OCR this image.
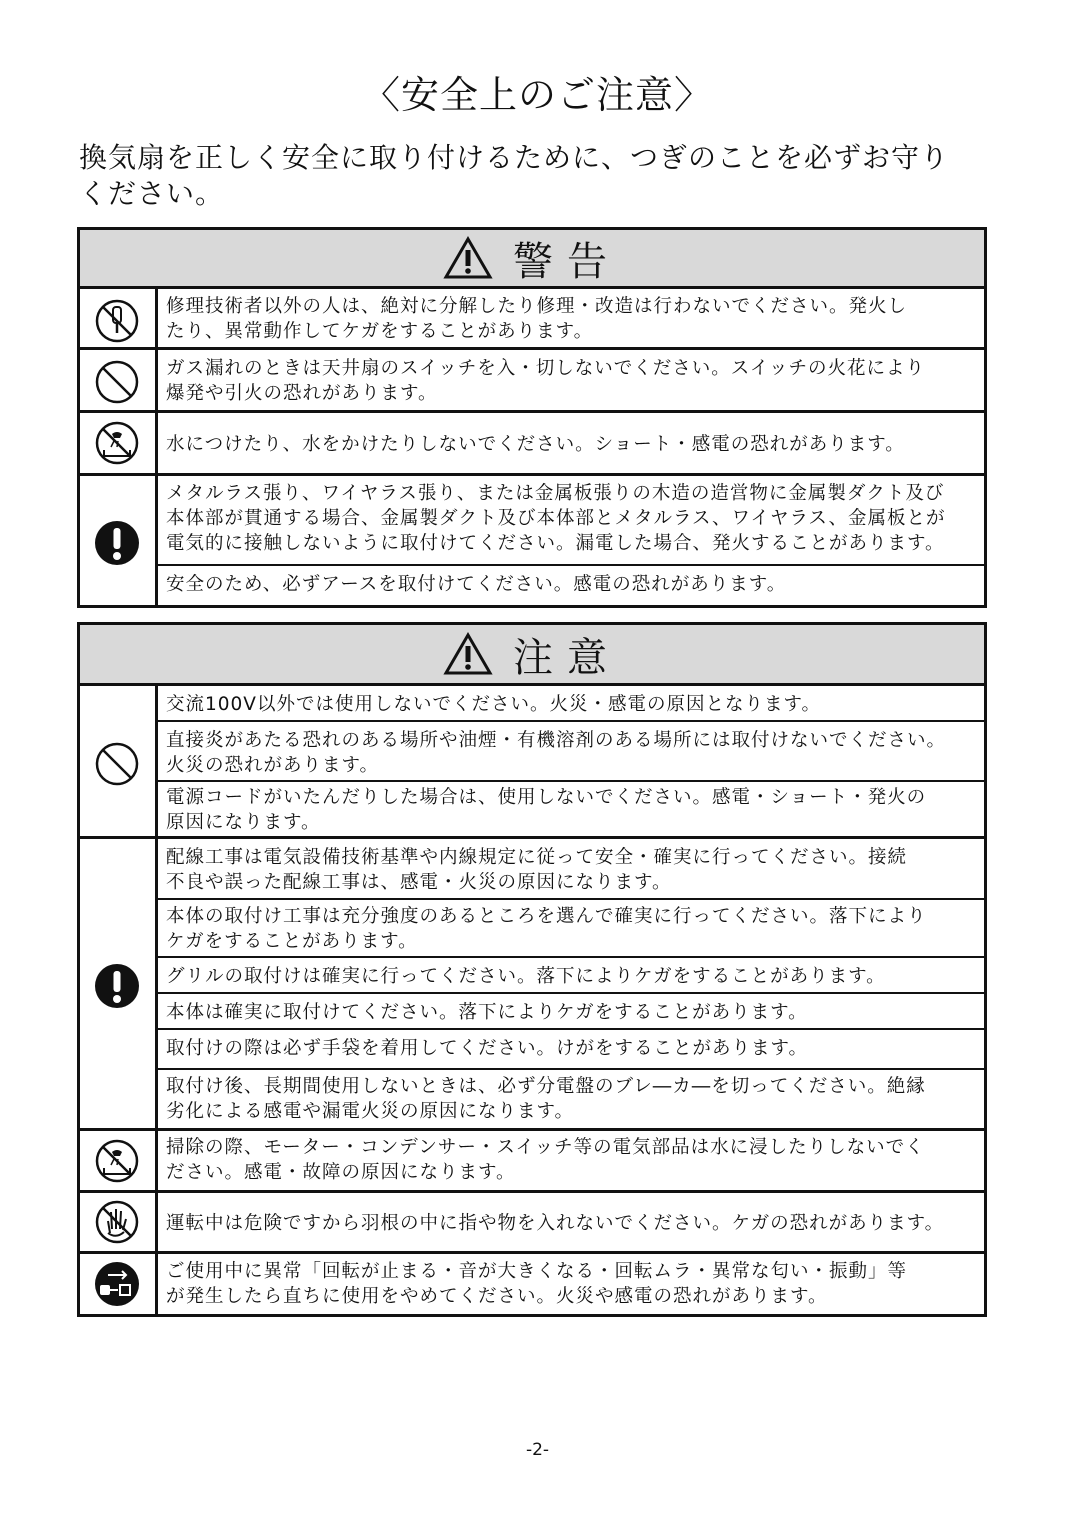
〈安全上のご注意〉
換気扇を正しく安全に取り付けるために、つぎのことを必ずお守り
ください。
警告
修理技術者以外の人は、絶対に分解したり修理・改造は行わないでください。発火し
たり、異常動作してケガをすることがあります。
ガス漏れのときは天井扇のスイッチを入・切しないでください。スイッチの火花により
爆発や引火の恐れがあります。
水につけたり、水をかけたりしないでください。ショート・感電の恐れがあります。
メタルラス張り、ワイヤラス張り、または金属板張りの木造の造営物に金属製ダクト及び
本体部が貫通する場合、金属製ダクト及び本体部とメタルラス、ワイヤラス、金属板とが
電気的に接触しないように取付けてください。漏電した場合、発火することがあります。
安全のため、必ずアースを取付けてください。感電の恐れがあります。
注意
交流100V以外では使用しないでください。火災・感電の原因となります。
直接炎があたる恐れのある場所や油煙・有機溶剤のある場所には取付けないでください。
火災の恐れがあります。
電源コードがいたんだりした場合は、使用しないでください。感電・ショート・発火の
原因になります。
配線工事は電気設備技術基準や内線規定に従って安全・確実に行ってください。接続
不良や誤った配線工事は、感電・火災の原因になります。
本体の取付け工事は充分強度のあるところを選んで確実に行ってください。落下により
ケガをすることがあります。
グリルの取付けは確実に行ってください。落下によりケガをすることがあります。
本体は確実に取付けてください。落下によりケガをすることがあります。
取付けの際は必ず手袋を着用してください。けがをすることがあります。
取付け後、長期間使用しないときは、必ず分電盤のブレ―カ―を切ってください。絶縁
劣化による感電や漏電火災の原因になります。
掃除の際、モーター・コンデンサー・スイッチ等の電気部品は水に浸したりしないでく
ださい。感電・故障の原因になります。
運転中は危険ですから羽根の中に指や物を入れないでください。ケガの恐れがあります。
ご使用中に異常「回転が止まる・音が大きくなる・回転ムラ・異常な匂い・振動」等
が発生したら直ちに使用をやめてください。火災や感電の恐れがあります。
-2-
